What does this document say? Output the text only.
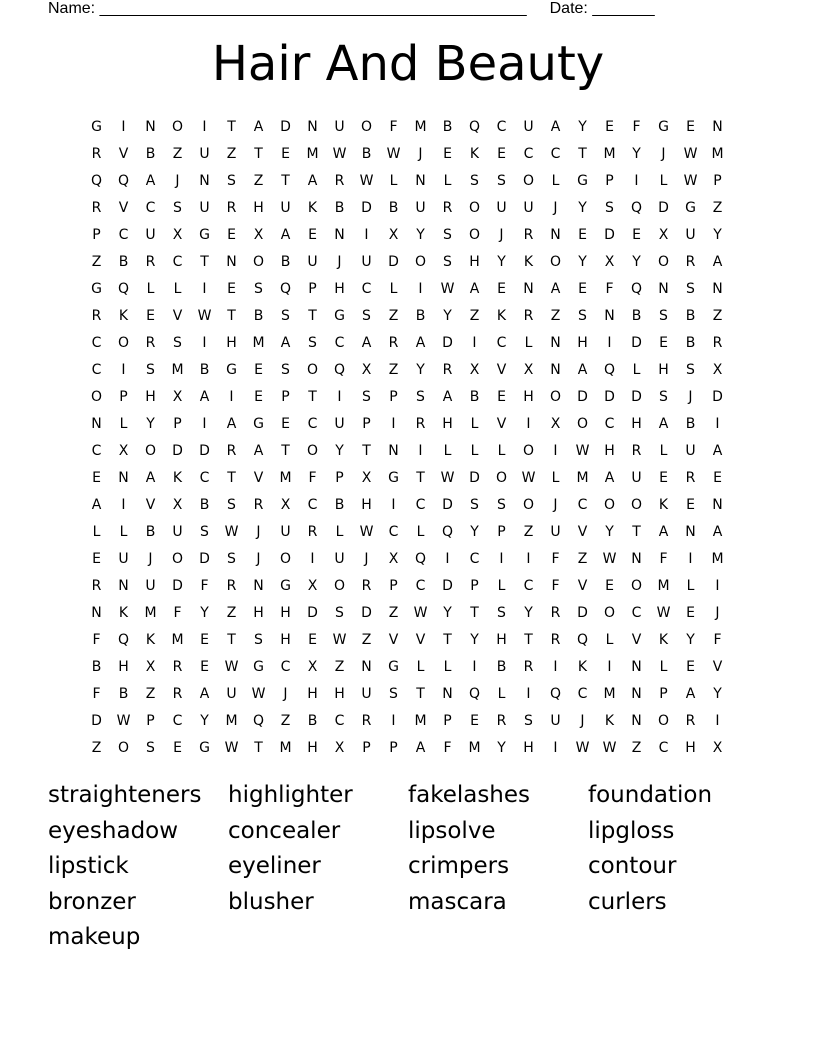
Name: ________________________________________________ Date: _______
Hair And Beauty
G	I	N	O	I	T	A	D	N	U	O	F	M	B	Q	C	U	A	Y	E	F	G	E	N
R	V	B	Z	U	Z	T	E	M	W	B	W	J	E	K	E	C	C	T	M	Y	J	W	M
Q	Q	A	J	N	S	Z	T	A	R	W	L	N	L	S	S	O	L	G	P	I	L	W	P
R	V	C	S	U	R	H	U	K	B	D	B	U	R	O	U	U	J	Y	S	Q	D	G	Z
P	C	U	X	G	E	X	A	E	N	I	X	Y	S	O	J	R	N	E	D	E	X	U	Y
Z	B	R	C	T	N	O	B	U	J	U	D	O	S	H	Y	K	O	Y	X	Y	O	R	A
G	Q	L	L	I	E	S	Q	P	H	C	L	I	W	A	E	N	A	E	F	Q	N	S	N
R	K	E	V	W	T	B	S	T	G	S	Z	B	Y	Z	K	R	Z	S	N	B	S	B	Z
C	O	R	S	I	H	M	A	S	C	A	R	A	D	I	C	L	N	H	I	D	E	B	R
C	I	S	M	B	G	E	S	O	Q	X	Z	Y	R	X	V	X	N	A	Q	L	H	S	X
O	P	H	X	A	I	E	P	T	I	S	P	S	A	B	E	H	O	D	D	D	S	J	D
N	L	Y	P	I	A	G	E	C	U	P	I	R	H	L	V	I	X	O	C	H	A	B	I
C	X	O	D	D	R	A	T	O	Y	T	N	I	L	L	L	O	I	W	H	R	L	U	A
E	N	A	K	C	T	V	M	F	P	X	G	T	W	D	O	W	L	M	A	U	E	R	E
A	I	V	X	B	S	R	X	C	B	H	I	C	D	S	S	O	J	C	O	O	K	E	N
L	L	B	U	S	W	J	U	R	L	W	C	L	Q	Y	P	Z	U	V	Y	T	A	N	A
E	U	J	O	D	S	J	O	I	U	J	X	Q	I	C	I	I	F	Z	W	N	F	I	M
R	N	U	D	F	R	N	G	X	O	R	P	C	D	P	L	C	F	V	E	O	M	L	I
N	K	M	F	Y	Z	H	H	D	S	D	Z	W	Y	T	S	Y	R	D	O	C	W	E	J
F	Q	K	M	E	T	S	H	E	W	Z	V	V	T	Y	H	T	R	Q	L	V	K	Y	F
B	H	X	R	E	W	G	C	X	Z	N	G	L	L	I	B	R	I	K	I	N	L	E	V
F	B	Z	R	A	U	W	J	H	H	U	S	T	N	Q	L	I	Q	C	M	N	P	A	Y
D	W	P	C	Y	M	Q	Z	B	C	R	I	M	P	E	R	S	U	J	K	N	O	R	I
Z	O	S	E	G	W	T	M	H	X	P	P	A	F	M	Y	H	I	W W	Z	C	H	X
straighteners	highlighter	fakelashes	foundation
eyeshadow	concealer	lipsolve	lipgloss
lipstick	eyeliner	crimpers	contour
bronzer	blusher	mascara	curlers
makeup
